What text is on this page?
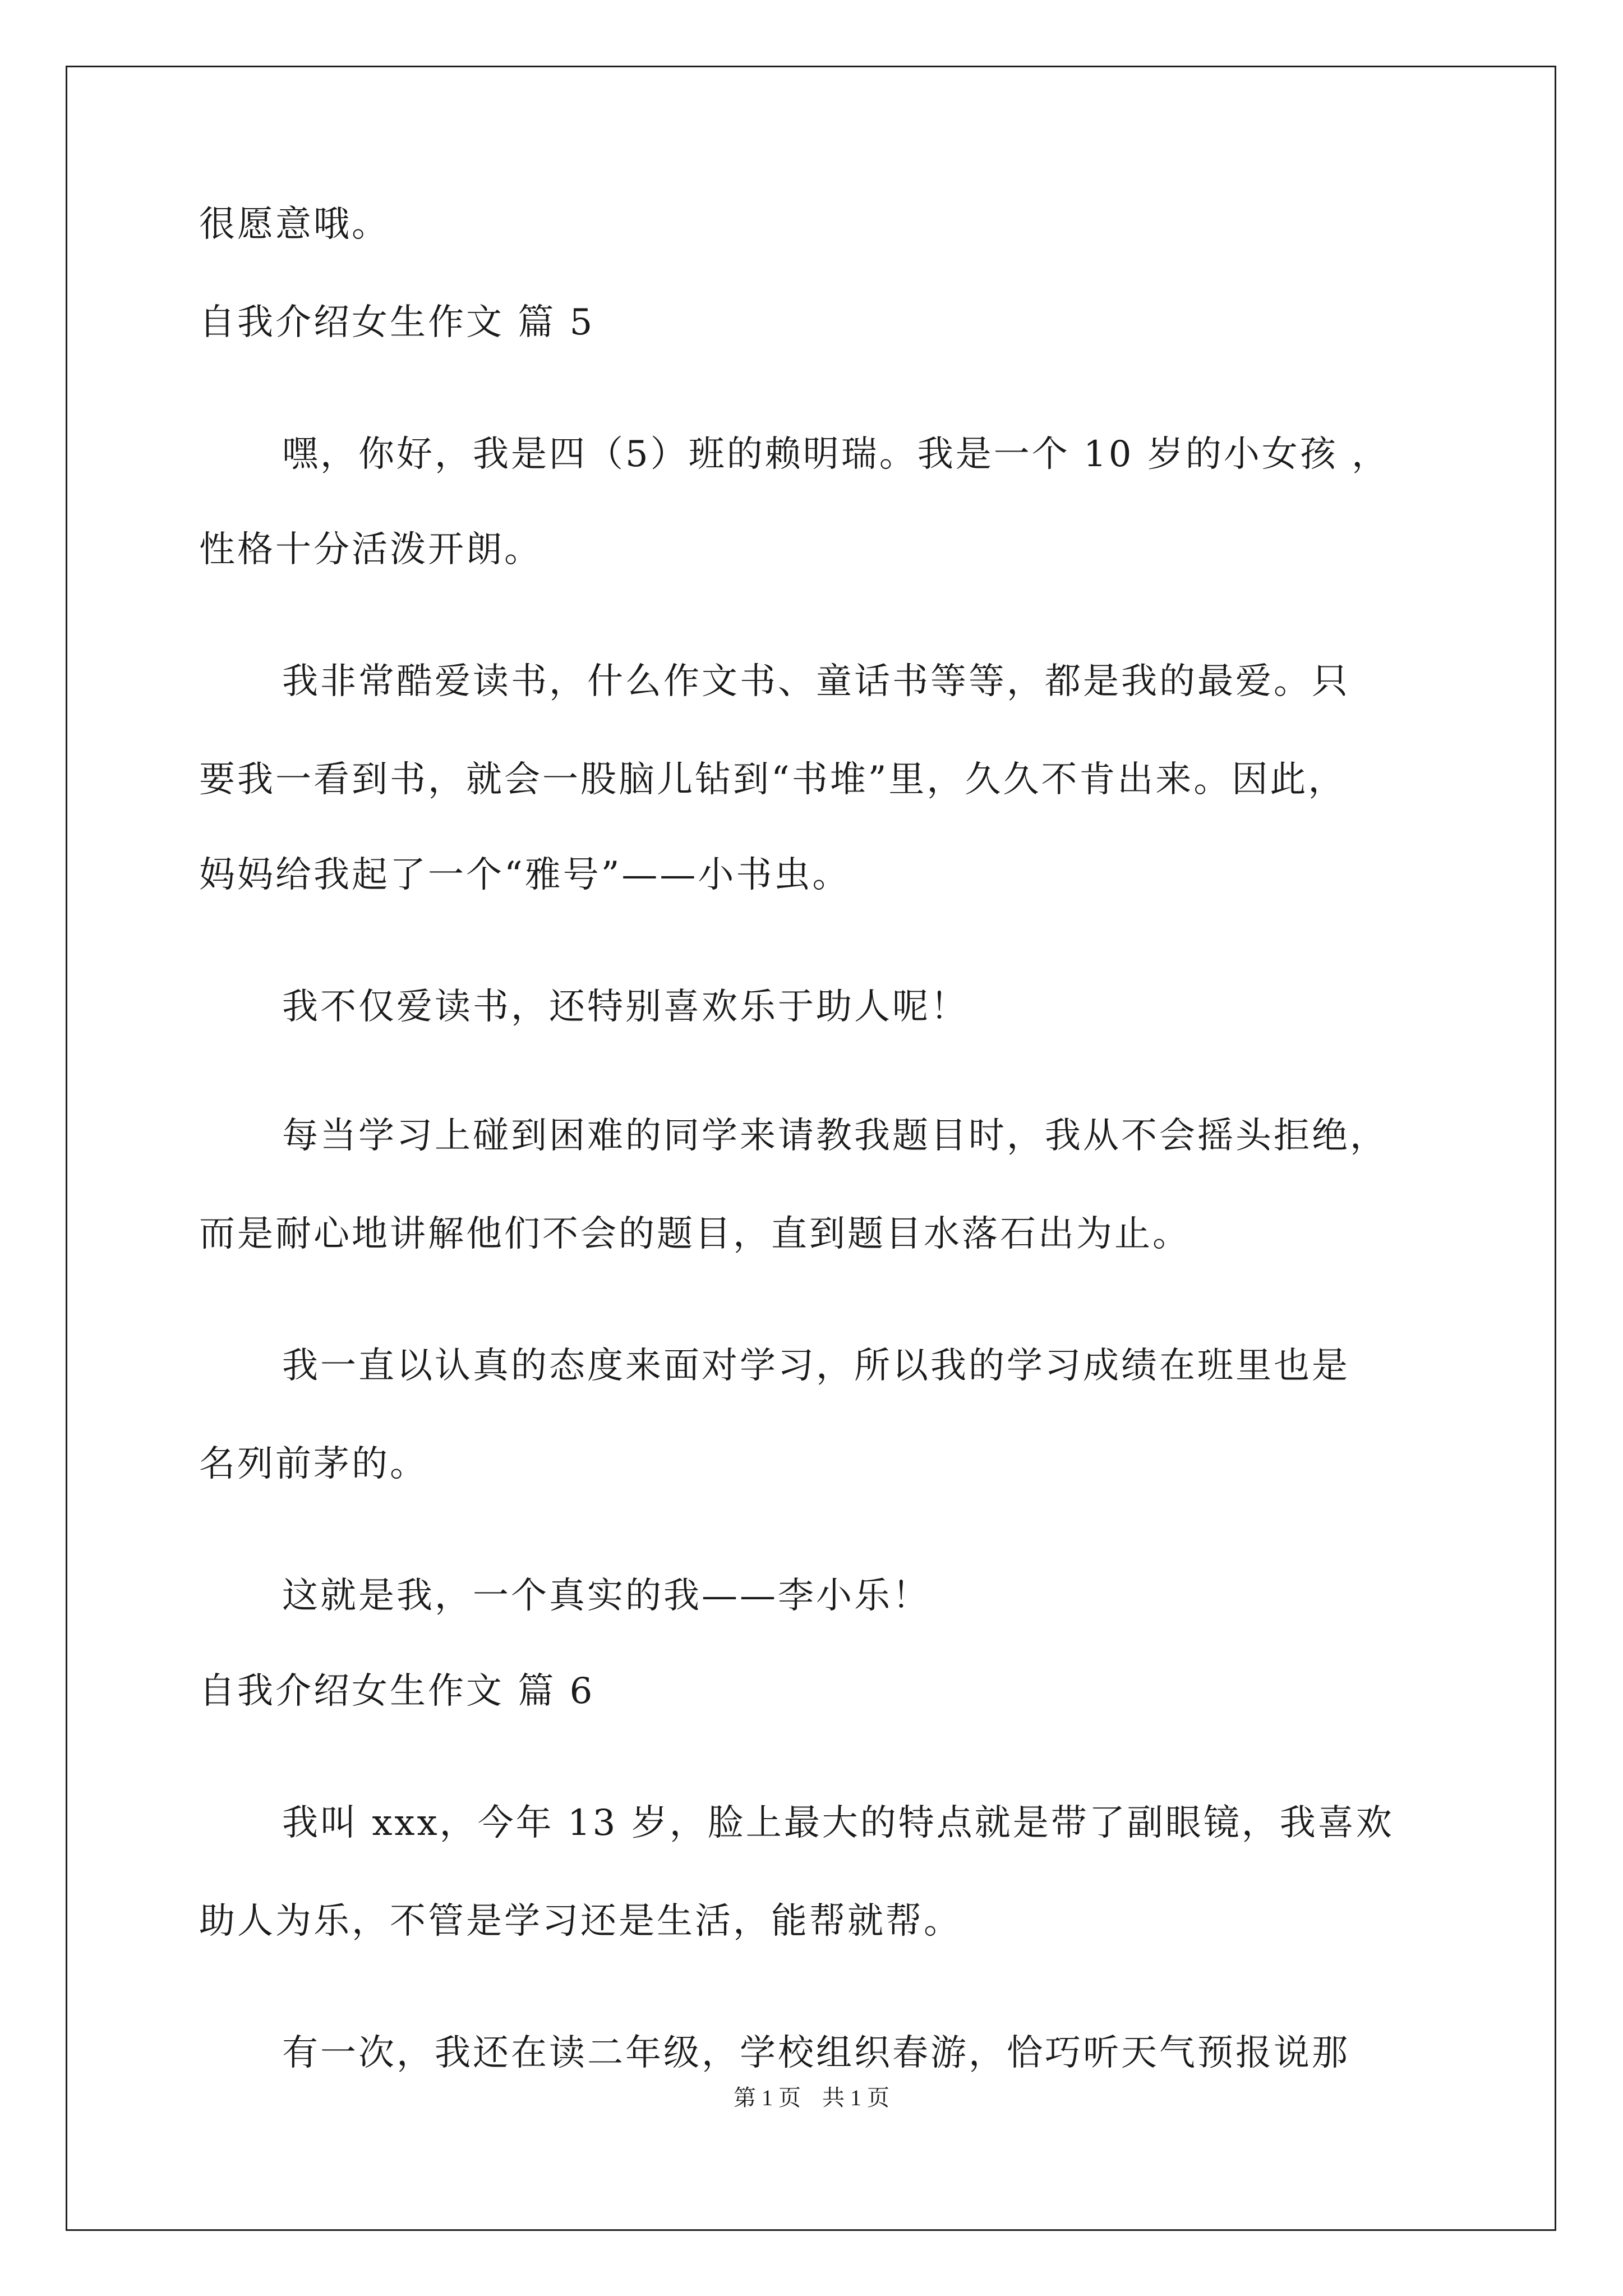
很愿意哦。
自我介绍女生作文 篇 5
嘿，你好，我是四（5）班的赖明瑞。我是一个 10 岁的小女孩 ，
性格十分活泼开朗。
我非常酷爱读书，什么作文书、童话书等等，都是我的最爱。只
要我一看到书，就会一股脑儿钻到“书堆”里，久久不肯出来。因此，
妈妈给我起了一个“雅号”——小书虫。
我不仅爱读书，还特别喜欢乐于助人呢！
每当学习上碰到困难的同学来请教我题目时，我从不会摇头拒绝，
而是耐心地讲解他们不会的题目，直到题目水落石出为止。
我一直以认真的态度来面对学习，所以我的学习成绩在班里也是
名列前茅的。
这就是我，一个真实的我——李小乐！
自我介绍女生作文 篇 6
我叫 xxx，今年 13 岁，脸上最大的特点就是带了副眼镜，我喜欢
助人为乐，不管是学习还是生活，能帮就帮。
有一次，我还在读二年级，学校组织春游，恰巧听天气预报说那
第 1 页 共 1 页
